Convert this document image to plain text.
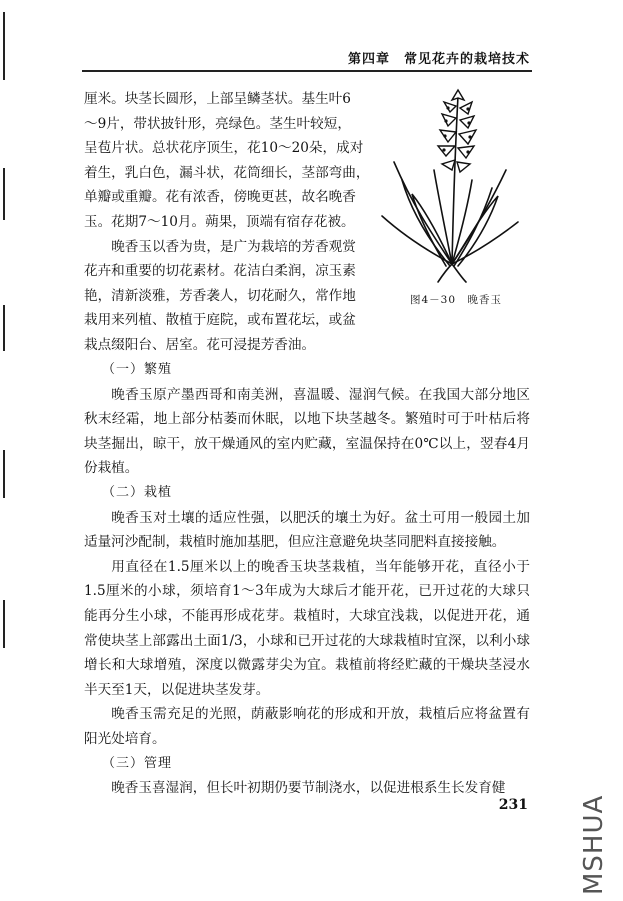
第四章　常见花卉的栽培技术

厘米。块茎长圆形，上部呈鳞茎状。基生叶6

～9片，带状披针形，亮绿色。茎生叶较短，

呈苞片状。总状花序顶生，花10～20朵，成对

着生，乳白色，漏斗状，花筒细长，茎部弯曲，

单瓣或重瓣。花有浓香，傍晚更甚，故名晚香

玉。花期7～10月。蒴果，顶端有宿存花被。

晚香玉以香为贵，是广为栽培的芳香观赏

花卉和重要的切花素材。花洁白柔润，凉玉素

艳，清新淡雅，芳香袭人，切花耐久，常作地

栽用来列植、散植于庭院，或布置花坛，或盆

栽点缀阳台、居室。花可浸提芳香油。

图4－30　晚香玉

（一）繁殖

晚香玉原产墨西哥和南美洲，喜温暖、湿润气候。在我国大部分地区秋末经霜，地上部分枯萎而休眠，以地下块茎越冬。繁殖时可于叶枯后将块茎掘出，晾干，放干燥通风的室内贮藏，室温保持在0℃以上，翌春4月份栽植。

（二）栽植

晚香玉对土壤的适应性强，以肥沃的壤土为好。盆土可用一般园土加适量河沙配制，栽植时施加基肥，但应注意避免块茎同肥料直接接触。

用直径在1.5厘米以上的晚香玉块茎栽植，当年能够开花，直径小于1.5厘米的小球，须培育1～3年成为大球后才能开花，已开过花的大球只能再分生小球，不能再形成花芽。栽植时，大球宜浅栽，以促进开花，通常使块茎上部露出土面1/3，小球和已开过花的大球栽植时宜深，以利小球增长和大球增殖，深度以微露芽尖为宜。栽植前将经贮藏的干燥块茎浸水半天至1天，以促进块茎发芽。

晚香玉需充足的光照，荫蔽影响花的形成和开放，栽植后应将盆置有阳光处培育。

（三）管理

晚香玉喜湿润，但长叶初期仍要节制浇水，以促进根系生长发育健

231 MSHUA
